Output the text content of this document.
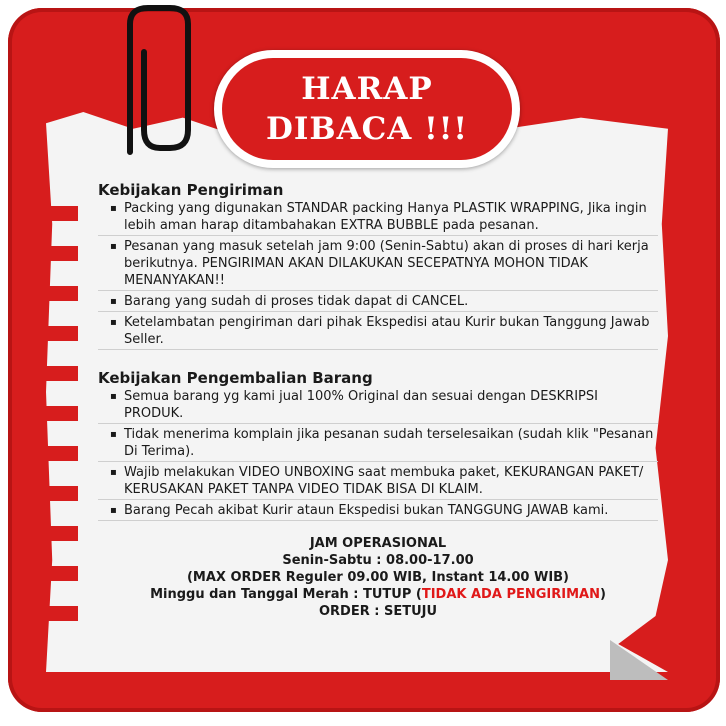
HARAP
DIBACA !!!
Kebijakan Pengiriman
▪ Packing yang digunakan STANDAR packing Hanya PLASTIK WRAPPING, Jika ingin lebih aman harap ditambahakan EXTRA BUBBLE pada pesanan.
▪ Pesanan yang masuk setelah jam 9:00 (Senin-Sabtu) akan di proses di hari kerja berikutnya. PENGIRIMAN AKAN DILAKUKAN SECEPATNYA MOHON TIDAK MENANYAKAN!!
▪ Barang yang sudah di proses tidak dapat di CANCEL.
▪ Ketelambatan pengiriman dari pihak Ekspedisi atau Kurir bukan Tanggung Jawab Seller.
Kebijakan Pengembalian Barang
▪ Semua barang yg kami jual 100% Original dan sesuai dengan DESKRIPSI PRODUK.
▪ Tidak menerima komplain jika pesanan sudah terselesaikan (sudah klik "Pesanan Di Terima).
▪ Wajib melakukan VIDEO UNBOXING saat membuka paket, KEKURANGAN PAKET/ KERUSAKAN PAKET TANPA VIDEO TIDAK BISA DI KLAIM.
▪ Barang Pecah akibat Kurir ataun Ekspedisi bukan TANGGUNG JAWAB kami.
JAM OPERASIONAL
Senin-Sabtu : 08.00-17.00
(MAX ORDER Reguler 09.00 WIB, Instant 14.00 WIB)
Minggu dan Tanggal Merah : TUTUP (TIDAK ADA PENGIRIMAN)
ORDER : SETUJU
